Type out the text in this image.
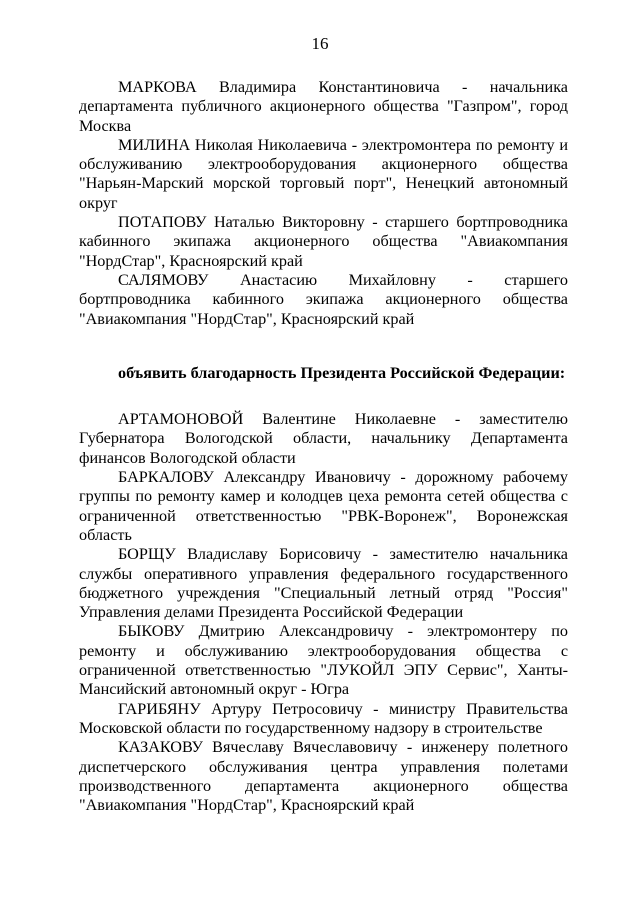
16

МАРКОВА Владимира Константиновича - начальника департамента публичного акционерного общества "Газпром", город Москва

МИЛИНА Николая Николаевича - электромонтера по ремонту и обслуживанию электрооборудования акционерного общества "Нарьян-Марский морской торговый порт", Ненецкий автономный округ

ПОТАПОВУ Наталью Викторовну - старшего бортпроводника кабинного экипажа акционерного общества "Авиакомпания "НордСтар", Красноярский край

САЛЯМОВУ Анастасию Михайловну - старшего бортпроводника кабинного экипажа акционерного общества "Авиакомпания "НордСтар", Красноярский край

объявить благодарность Президента Российской Федерации:

АРТАМОНОВОЙ Валентине Николаевне - заместителю Губернатора Вологодской области, начальнику Департамента финансов Вологодской области

БАРКАЛОВУ Александру Ивановичу - дорожному рабочему группы по ремонту камер и колодцев цеха ремонта сетей общества с ограниченной ответственностью "РВК-Воронеж", Воронежская область

БОРЩУ Владиславу Борисовичу - заместителю начальника службы оперативного управления федерального государственного бюджетного учреждения "Специальный летный отряд "Россия" Управления делами Президента Российской Федерации

БЫКОВУ Дмитрию Александровичу - электромонтеру по ремонту и обслуживанию электрооборудования общества с ограниченной ответственностью "ЛУКОЙЛ ЭПУ Сервис", Ханты-Мансийский автономный округ - Югра

ГАРИБЯНУ Артуру Петросовичу - министру Правительства Московской области по государственному надзору в строительстве

КАЗАКОВУ Вячеславу Вячеславовичу - инженеру полетного диспетчерского обслуживания центра управления полетами производственного департамента акционерного общества "Авиакомпания "НордСтар", Красноярский край
